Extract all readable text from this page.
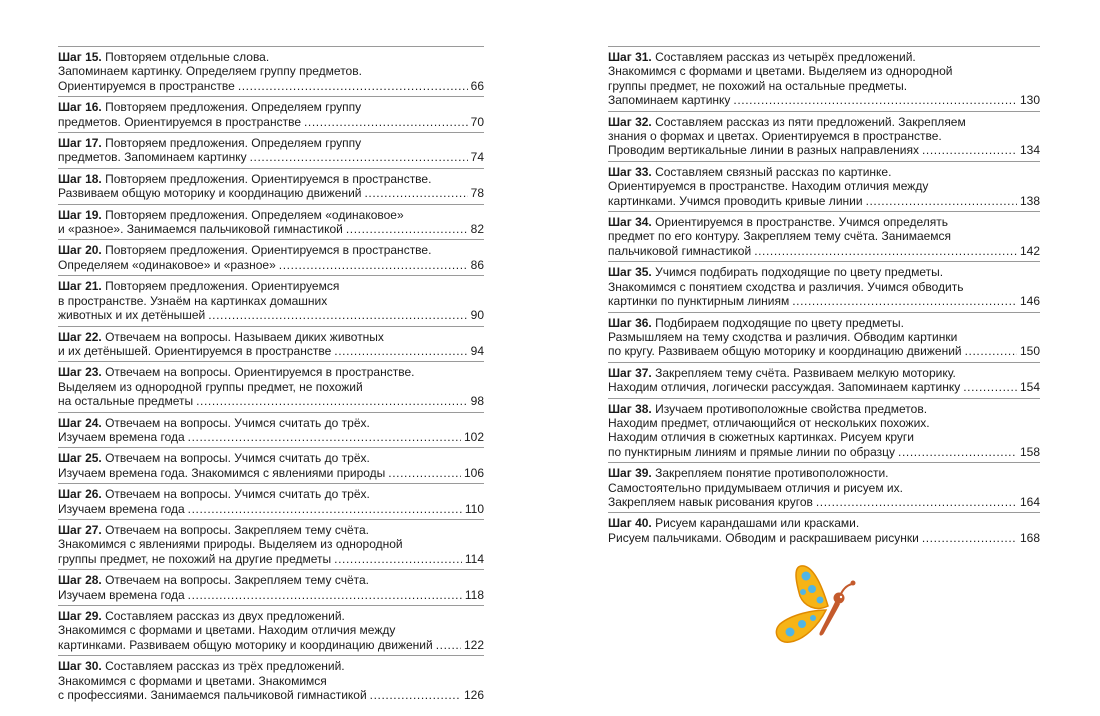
Шаг 15. Повторяем отдельные слова.
Запоминаем картинку. Определяем группу предметов.
Ориентируемся в пространстве .....	66
Шаг 16. Повторяем предложения. Определяем группу
предметов. Ориентируемся в пространстве .....	70
Шаг 17. Повторяем предложения. Определяем группу
предметов. Запоминаем картинку .....	74
Шаг 18. Повторяем предложения. Ориентируемся в пространстве.
Развиваем общую моторику и координацию движений .....	78
Шаг 19. Повторяем предложения. Определяем «одинаковое»
и «разное». Занимаемся пальчиковой гимнастикой .....	82
Шаг 20. Повторяем предложения. Ориентируемся в пространстве.
Определяем «одинаковое» и «разное» .....	86
Шаг 21. Повторяем предложения. Ориентируемся
в пространстве. Узнаём на картинках домашних
животных и их детёнышей .....	90
Шаг 22. Отвечаем на вопросы. Называем диких животных
и их детёнышей. Ориентируемся в пространстве .....	94
Шаг 23. Отвечаем на вопросы. Ориентируемся в пространстве.
Выделяем из однородной группы предмет, не похожий
на остальные предметы .....	98
Шаг 24. Отвечаем на вопросы. Учимся считать до трёх.
Изучаем времена года .....	102
Шаг 25. Отвечаем на вопросы. Учимся считать до трёх.
Изучаем времена года. Знакомимся с явлениями природы .....	106
Шаг 26. Отвечаем на вопросы. Учимся считать до трёх.
Изучаем времена года .....	110
Шаг 27. Отвечаем на вопросы. Закрепляем тему счёта.
Знакомимся с явлениями природы. Выделяем из однородной
группы предмет, не похожий на другие предметы .....	114
Шаг 28. Отвечаем на вопросы. Закрепляем тему счёта.
Изучаем времена года .....	118
Шаг 29. Составляем рассказ из двух предложений.
Знакомимся с формами и цветами. Находим отличия между
картинками. Развиваем общую моторику и координацию движений .....	122
Шаг 30. Составляем рассказ из трёх предложений.
Знакомимся с формами и цветами. Знакомимся
с профессиями. Занимаемся пальчиковой гимнастикой .....	126
Шаг 31. Составляем рассказ из четырёх предложений.
Знакомимся с формами и цветами. Выделяем из однородной
группы предмет, не похожий на остальные предметы.
Запоминаем картинку .....	130
Шаг 32. Составляем рассказ из пяти предложений. Закрепляем
знания о формах и цветах. Ориентируемся в пространстве.
Проводим вертикальные линии в разных направлениях .....	134
Шаг 33. Составляем связный рассказ по картинке.
Ориентируемся в пространстве. Находим отличия между
картинками. Учимся проводить кривые линии .....	138
Шаг 34. Ориентируемся в пространстве. Учимся определять
предмет по его контуру. Закрепляем тему счёта. Занимаемся
пальчиковой гимнастикой .....	142
Шаг 35. Учимся подбирать подходящие по цвету предметы.
Знакомимся с понятием сходства и различия. Учимся обводить
картинки по пунктирным линиям .....	146
Шаг 36. Подбираем подходящие по цвету предметы.
Размышляем на тему сходства и различия. Обводим картинки
по кругу. Развиваем общую моторику и координацию движений .....	150
Шаг 37. Закрепляем тему счёта. Развиваем мелкую моторику.
Находим отличия, логически рассуждая. Запоминаем картинку .....	154
Шаг 38. Изучаем противоположные свойства предметов.
Находим предмет, отличающийся от нескольких похожих.
Находим отличия в сюжетных картинках. Рисуем круги
по пунктирным линиям и прямые линии по образцу .....	158
Шаг 39. Закрепляем понятие противоположности.
Самостоятельно придумываем отличия и рисуем их.
Закрепляем навык рисования кругов .....	164
Шаг 40. Рисуем карандашами или красками.
Рисуем пальчиками. Обводим и раскрашиваем рисунки .....	168
